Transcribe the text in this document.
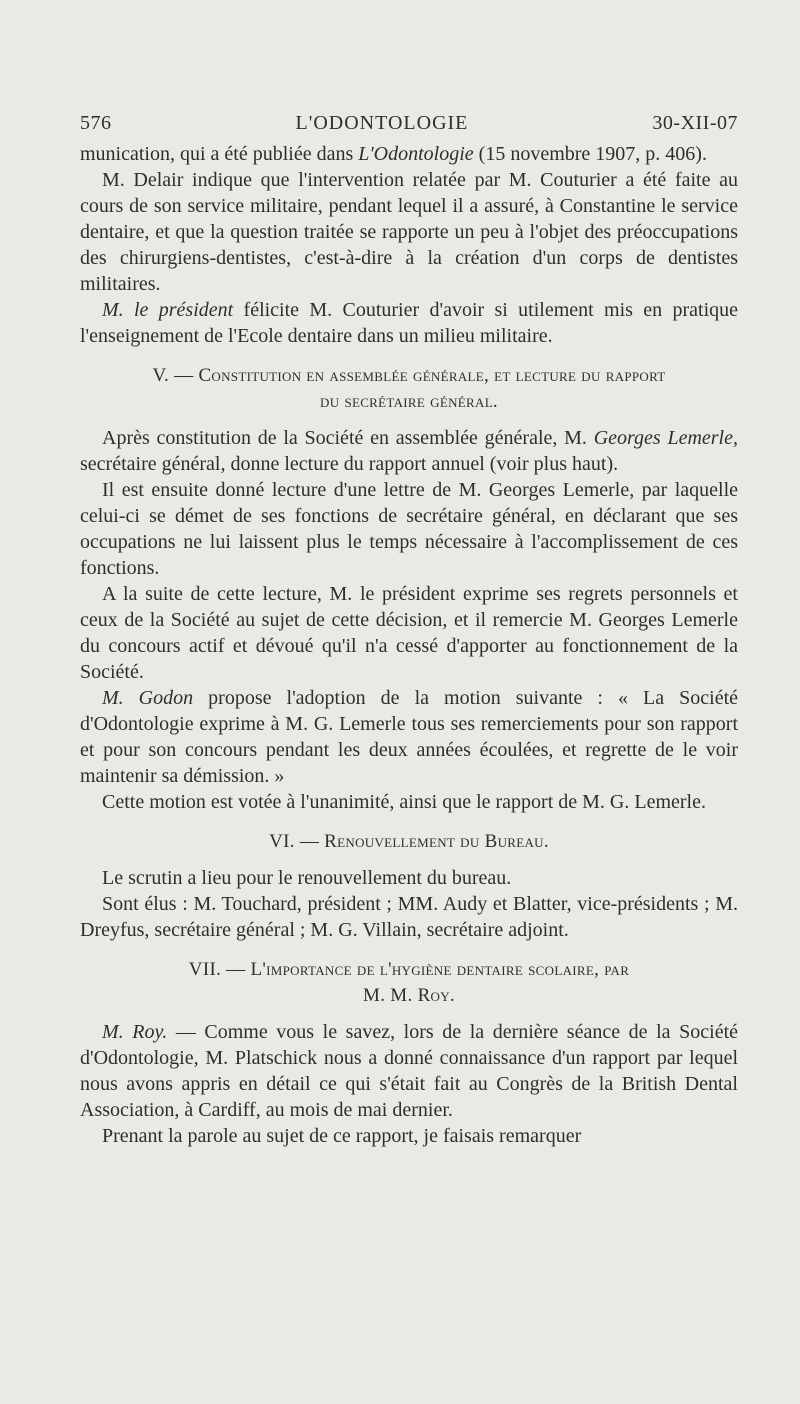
576	L'ODONTOLOGIE	30-XII-07

munication, qui a été publiée dans L'Odontologie (15 novembre 1907, p. 406).

M. Delair indique que l'intervention relatée par M. Couturier a été faite au cours de son service militaire, pendant lequel il a assuré, à Constantine le service dentaire, et que la question traitée se rapporte un peu à l'objet des préoccupations des chirurgiens-dentistes, c'est-à-dire à la création d'un corps de dentistes militaires.

M. le président félicite M. Couturier d'avoir si utilement mis en pratique l'enseignement de l'Ecole dentaire dans un milieu militaire.

V. — Constitution en assemblée générale, et lecture du rapport
du secrétaire général.

Après constitution de la Société en assemblée générale, M. Georges Lemerle, secrétaire général, donne lecture du rapport annuel (voir plus haut).

Il est ensuite donné lecture d'une lettre de M. Georges Lemerle, par laquelle celui-ci se démet de ses fonctions de secrétaire général, en déclarant que ses occupations ne lui laissent plus le temps nécessaire à l'accomplissement de ces fonctions.

A la suite de cette lecture, M. le président exprime ses regrets personnels et ceux de la Société au sujet de cette décision, et il remercie M. Georges Lemerle du concours actif et dévoué qu'il n'a cessé d'apporter au fonctionnement de la Société.

M. Godon propose l'adoption de la motion suivante : « La Société d'Odontologie exprime à M. G. Lemerle tous ses remerciements pour son rapport et pour son concours pendant les deux années écoulées, et regrette de le voir maintenir sa démission. »

Cette motion est votée à l'unanimité, ainsi que le rapport de M. G. Lemerle.

VI. — Renouvellement du Bureau.

Le scrutin a lieu pour le renouvellement du bureau.

Sont élus : M. Touchard, président ; MM. Audy et Blatter, vice-présidents ; M. Dreyfus, secrétaire général ; M. G. Villain, secrétaire adjoint.

VII. — L'importance de l'hygiène dentaire scolaire, par
M. M. Roy.

M. Roy. — Comme vous le savez, lors de la dernière séance de la Société d'Odontologie, M. Platschick nous a donné connaissance d'un rapport par lequel nous avons appris en détail ce qui s'était fait au Congrès de la British Dental Association, à Cardiff, au mois de mai dernier.

Prenant la parole au sujet de ce rapport, je faisais remarquer
